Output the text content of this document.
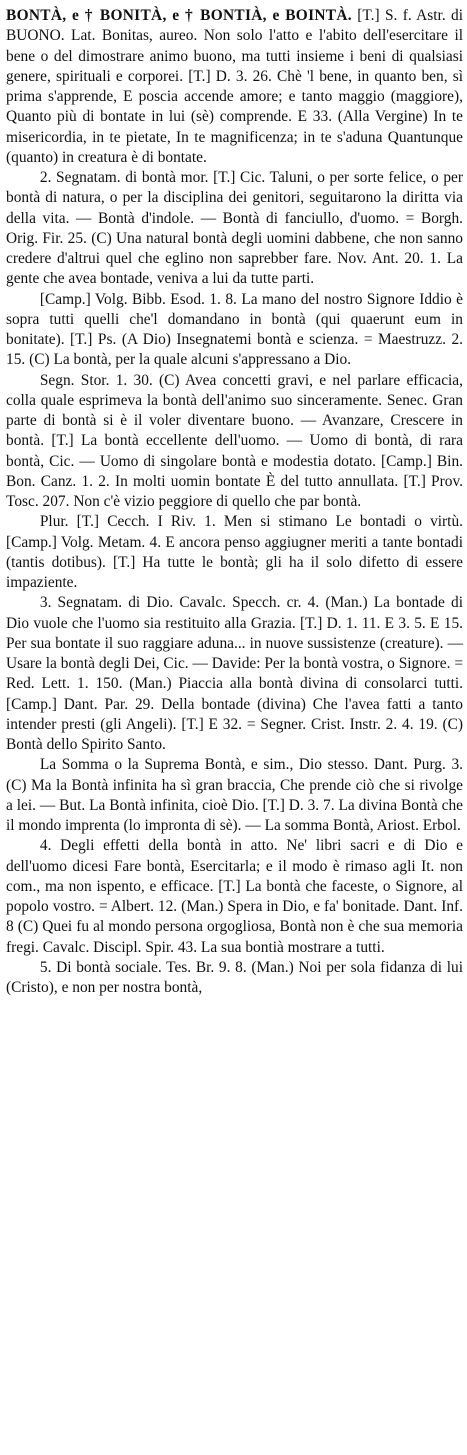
BONTÀ, e † BONITÀ, e † BONTIÀ, e BOINTÀ. [T.] S. f. Astr. di BUONO. Lat. Bonitas, aureo. Non solo l'atto e l'abito dell'esercitare il bene o del dimostrare animo buono, ma tutti insieme i beni di qualsiasi genere, spirituali e corporei. [T.] D. 3. 26. Chè 'l bene, in quanto ben, sì prima s'apprende, E poscia accende amore; e tanto maggio (maggiore), Quanto più di bontate in lui (sè) comprende. E 33. (Alla Vergine) In te misericordia, in te pietate, In te magnificenza; in te s'aduna Quantunque (quanto) in creatura è di bontate.

2. Segnatam. di bontà mor. [T.] Cic. Taluni, o per sorte felice, o per bontà di natura, o per la disciplina dei genitori, seguitarono la diritta via della vita. — Bontà d'indole. — Bontà di fanciullo, d'uomo. = Borgh. Orig. Fir. 25. (C) Una natural bontà degli uomini dabbene, che non sanno credere d'altrui quel che eglino non saprebber fare. Nov. Ant. 20. 1. La gente che avea bontade, veniva a lui da tutte parti.

[Camp.] Volg. Bibb. Esod. 1. 8. La mano del nostro Signore Iddio è sopra tutti quelli che'l domandano in bontà (qui quaerunt eum in bonitate). [T.] Ps. (A Dio) Insegnatemi bontà e scienza. = Maestruzz. 2. 15. (C) La bontà, per la quale alcuni s'appressano a Dio.

Segn. Stor. 1. 30. (C) Avea concetti gravi, e nel parlare efficacia, colla quale esprimeva la bontà dell'animo suo sinceramente. Senec. Gran parte di bontà si è il voler diventare buono. — Avanzare, Crescere in bontà. [T.] La bontà eccellente dell'uomo. — Uomo di bontà, di rara bontà, Cic. — Uomo di singolare bontà e modestia dotato. [Camp.] Bin. Bon. Canz. 1. 2. In molti uomin bontate È del tutto annullata. [T.] Prov. Tosc. 207. Non c'è vizio peggiore di quello che par bontà.

Plur. [T.] Cecch. I Riv. 1. Men si stimano Le bontadi o virtù. [Camp.] Volg. Metam. 4. E ancora penso aggiugner meriti a tante bontadi (tantis dotibus). [T.] Ha tutte le bontà; gli ha il solo difetto di essere impaziente.

3. Segnatam. di Dio. Cavalc. Specch. cr. 4. (Man.) La bontade di Dio vuole che l'uomo sia restituito alla Grazia. [T.] D. 1. 11. E 3. 5. E 15. Per sua bontate il suo raggiare aduna... in nuove sussistenze (creature). — Usare la bontà degli Dei, Cic. — Davide: Per la bontà vostra, o Signore. = Red. Lett. 1. 150. (Man.) Piaccia alla bontà divina di consolarci tutti. [Camp.] Dant. Par. 29. Della bontade (divina) Che l'avea fatti a tanto intender presti (gli Angeli). [T.] E 32. = Segner. Crist. Instr. 2. 4. 19. (C) Bontà dello Spirito Santo.

La Somma o la Suprema Bontà, e sim., Dio stesso. Dant. Purg. 3. (C) Ma la Bontà infinita ha sì gran braccia, Che prende ciò che si rivolge a lei. — But. La Bontà infinita, cioè Dio. [T.] D. 3. 7. La divina Bontà che il mondo imprenta (lo impronta di sè). — La somma Bontà, Ariost. Erbol.

4. Degli effetti della bontà in atto. Ne' libri sacri e di Dio e dell'uomo dicesi Fare bontà, Esercitarla; e il modo è rimaso agli It. non com., ma non ispento, e efficace. [T.] La bontà che faceste, o Signore, al popolo vostro. = Albert. 12. (Man.) Spera in Dio, e fa' bonitade. Dant. Inf. 8 (C) Quei fu al mondo persona orgogliosa, Bontà non è che sua memoria fregi. Cavalc. Discipl. Spir. 43. La sua bontià mostrare a tutti.

5. Di bontà sociale. Tes. Br. 9. 8. (Man.) Noi per sola fidanza di lui (Cristo), e non per nostra bontà,
